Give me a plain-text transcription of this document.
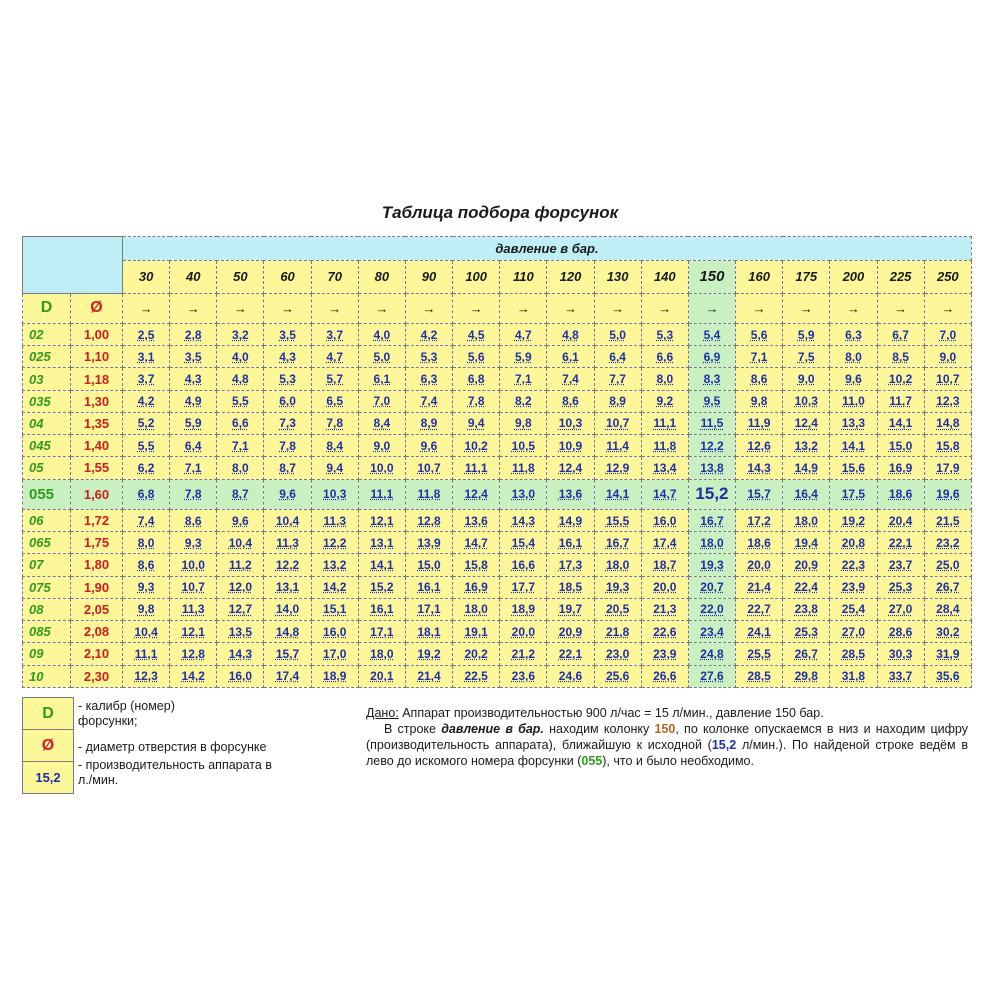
Таблица подбора форсунок
		давление в бар.																	
		30	40	50	60	70	80	90	100	110	120	130	140	150	160	175	200	225	250
D	Ø	→	→	→	→	→	→	→	→	→	→	→	→	→	→	→	→	→	→
02	1,00	2,5	2,8	3,2	3,5	3,7	4,0	4,2	4,5	4,7	4,8	5,0	5,3	5,4	5,6	5,9	6,3	6,7	7,0
025	1,10	3,1	3,5	4,0	4,3	4,7	5,0	5,3	5,6	5,9	6,1	6,4	6,6	6,9	7,1	7,5	8,0	8,5	9,0
03	1,18	3,7	4,3	4,8	5,3	5,7	6,1	6,3	6,8	7,1	7,4	7,7	8,0	8,3	8,6	9,0	9,6	10,2	10,7
035	1,30	4,2	4,9	5,5	6,0	6,5	7,0	7,4	7,8	8,2	8,6	8,9	9,2	9,5	9,8	10,3	11,0	11,7	12,3
04	1,35	5,2	5,9	6,6	7,3	7,8	8,4	8,9	9,4	9,8	10,3	10,7	11,1	11,5	11,9	12,4	13,3	14,1	14,8
045	1,40	5,5	6,4	7,1	7,8	8,4	9,0	9,6	10,2	10,5	10,9	11,4	11,8	12,2	12,6	13,2	14,1	15,0	15,8
05	1,55	6,2	7,1	8,0	8,7	9,4	10,0	10,7	11,1	11,8	12,4	12,9	13,4	13,8	14,3	14,9	15,6	16,9	17,9
055	1,60	6,8	7,8	8,7	9,6	10,3	11,1	11,8	12,4	13,0	13,6	14,1	14,7	15,2	15,7	16,4	17,5	18,6	19,6
06	1,72	7,4	8,6	9,6	10,4	11,3	12,1	12,8	13,6	14,3	14,9	15,5	16,0	16,7	17,2	18,0	19,2	20,4	21,5
065	1,75	8,0	9,3	10,4	11,3	12,2	13,1	13,9	14,7	15,4	16,1	16,7	17,4	18,0	18,6	19,4	20,8	22,1	23,2
07	1,80	8,6	10,0	11,2	12,2	13,2	14,1	15,0	15,8	16,6	17,3	18,0	18,7	19,3	20,0	20,9	22,3	23,7	25,0
075	1,90	9,3	10,7	12,0	13,1	14,2	15,2	16,1	16,9	17,7	18,5	19,3	20,0	20,7	21,4	22,4	23,9	25,3	26,7
08	2,05	9,8	11,3	12,7	14,0	15,1	16,1	17,1	18,0	18,9	19,7	20,5	21,3	22,0	22,7	23,8	25,4	27,0	28,4
085	2,08	10,4	12,1	13,5	14,8	16,0	17,1	18,1	19,1	20,0	20,9	21,8	22,6	23,4	24,1	25,3	27,0	28,6	30,2
09	2,10	11,1	12,8	14,3	15,7	17,0	18,0	19,2	20,2	21,2	22,1	23,0	23,9	24,8	25,5	26,7	28,5	30,3	31,9
10	2,30	12,3	14,2	16,0	17,4	18,9	20,1	21,4	22,5	23,6	24,6	25,6	26,6	27,6	28,5	29,8	31,8	33,7	35,6
D
Ø
15,2
- калибр (номер)
форсунки;
- диаметр отверстия в форсунке
- производительность аппарата в
л./мин.
Дано: Аппарат производительностью 900 л/час = 15 л/мин., давление 150 бар.
В строке давление в бар. находим колонку 150, по колонке опускаемся в низ и находим цифру (производительность аппарата), ближайшую к исходной (15,2 л/мин.). По найденой строке ведём в лево до искомого номера форсунки (055), что и было необходимо.
